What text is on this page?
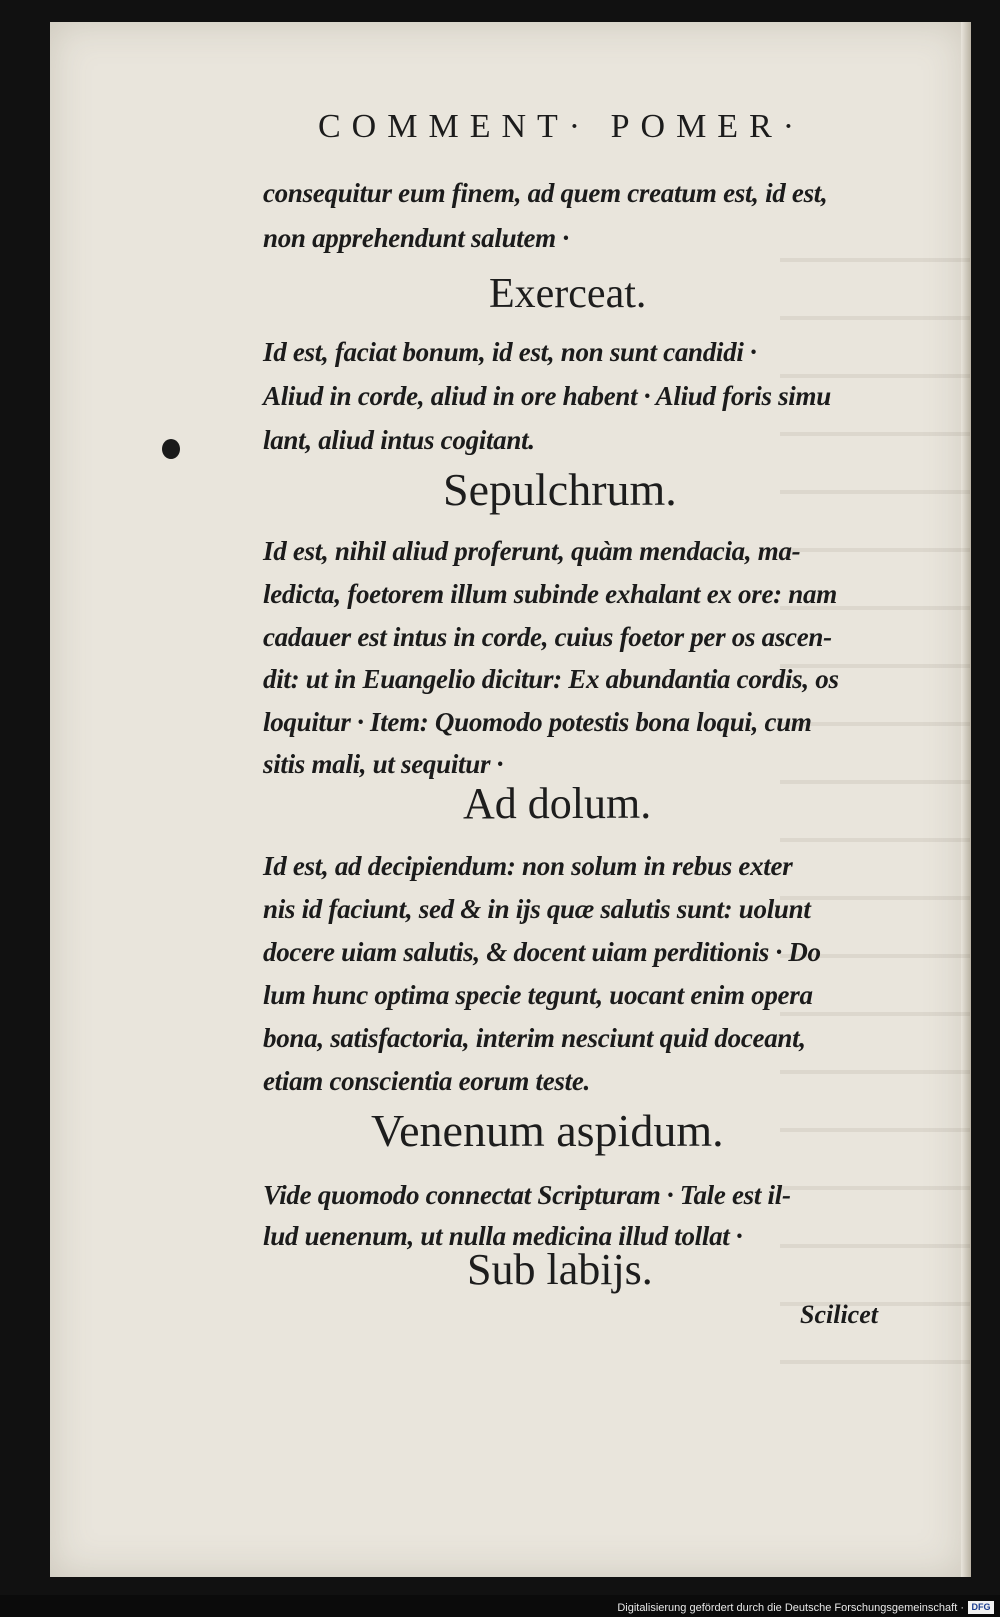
COMMENT· POMER·
consequitur eum finem, ad quem creatum est, id est,
non apprehendunt salutem ·
Exerceat.
Id est, faciat bonum, id est, non sunt candidi ·
Aliud in corde, aliud in ore habent · Aliud foris simu
lant, aliud intus cogitant.
Sepulchrum.
Id est, nihil aliud proferunt, quàm mendacia, ma-
ledicta, foetorem illum subinde exhalant ex ore: nam
cadauer est intus in corde, cuius foetor per os ascen-
dit: ut in Euangelio dicitur: Ex abundantia cordis, os
loquitur · Item: Quomodo potestis bona loqui, cum
sitis mali, ut sequitur ·
Ad dolum.
Id est, ad decipiendum: non solum in rebus exter
nis id faciunt, sed & in ijs quæ salutis sunt: uolunt
docere uiam salutis, & docent uiam perditionis · Do
lum hunc optima specie tegunt, uocant enim opera
bona, satisfactoria, interim nesciunt quid doceant,
etiam conscientia eorum teste.
Venenum aspidum.
Vide quomodo connectat Scripturam · Tale est il-
lud uenenum, ut nulla medicina illud tollat ·
Sub labijs.
Scilicet
Digitalisierung gefördert durch die Deutsche Forschungsgemeinschaft · DFG
